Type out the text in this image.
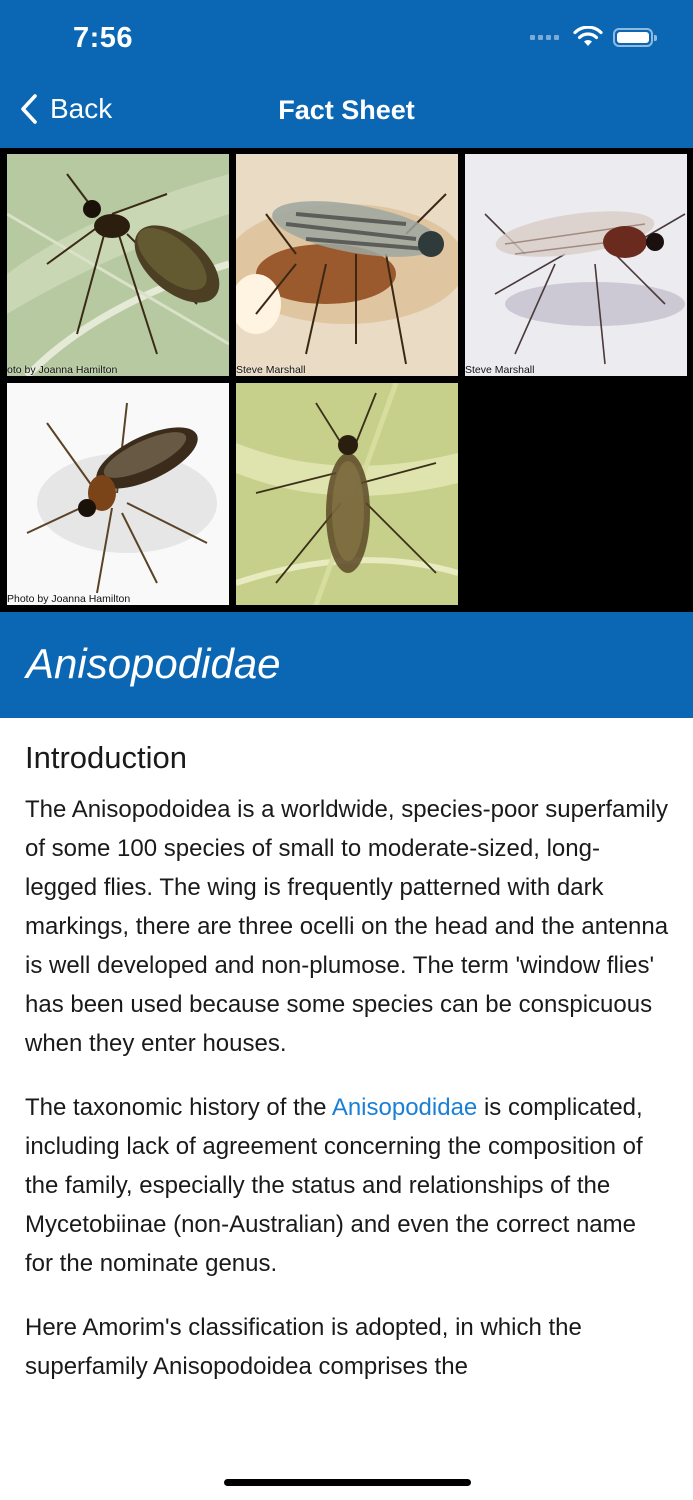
7:56
Back	Fact Sheet
oto by Joanna Hamilton	Steve Marshall	Steve Marshall
Photo by Joanna Hamilton
Anisopodidae
Introduction

The Anisopodoidea is a worldwide, species-poor superfamily of some 100 species of small to moderate-sized, long-legged flies. The wing is frequently patterned with dark markings, there are three ocelli on the head and the antenna is well developed and non-plumose. The term 'window flies' has been used because some species can be conspicuous when they enter houses.

The taxonomic history of the Anisopodidae is complicated, including lack of agreement concerning the composition of the family, especially the status and relationships of the Mycetobiinae (non-Australian) and even the correct name for the nominate genus.

Here Amorim's classification is adopted, in which the superfamily Anisopodoidea comprises the
